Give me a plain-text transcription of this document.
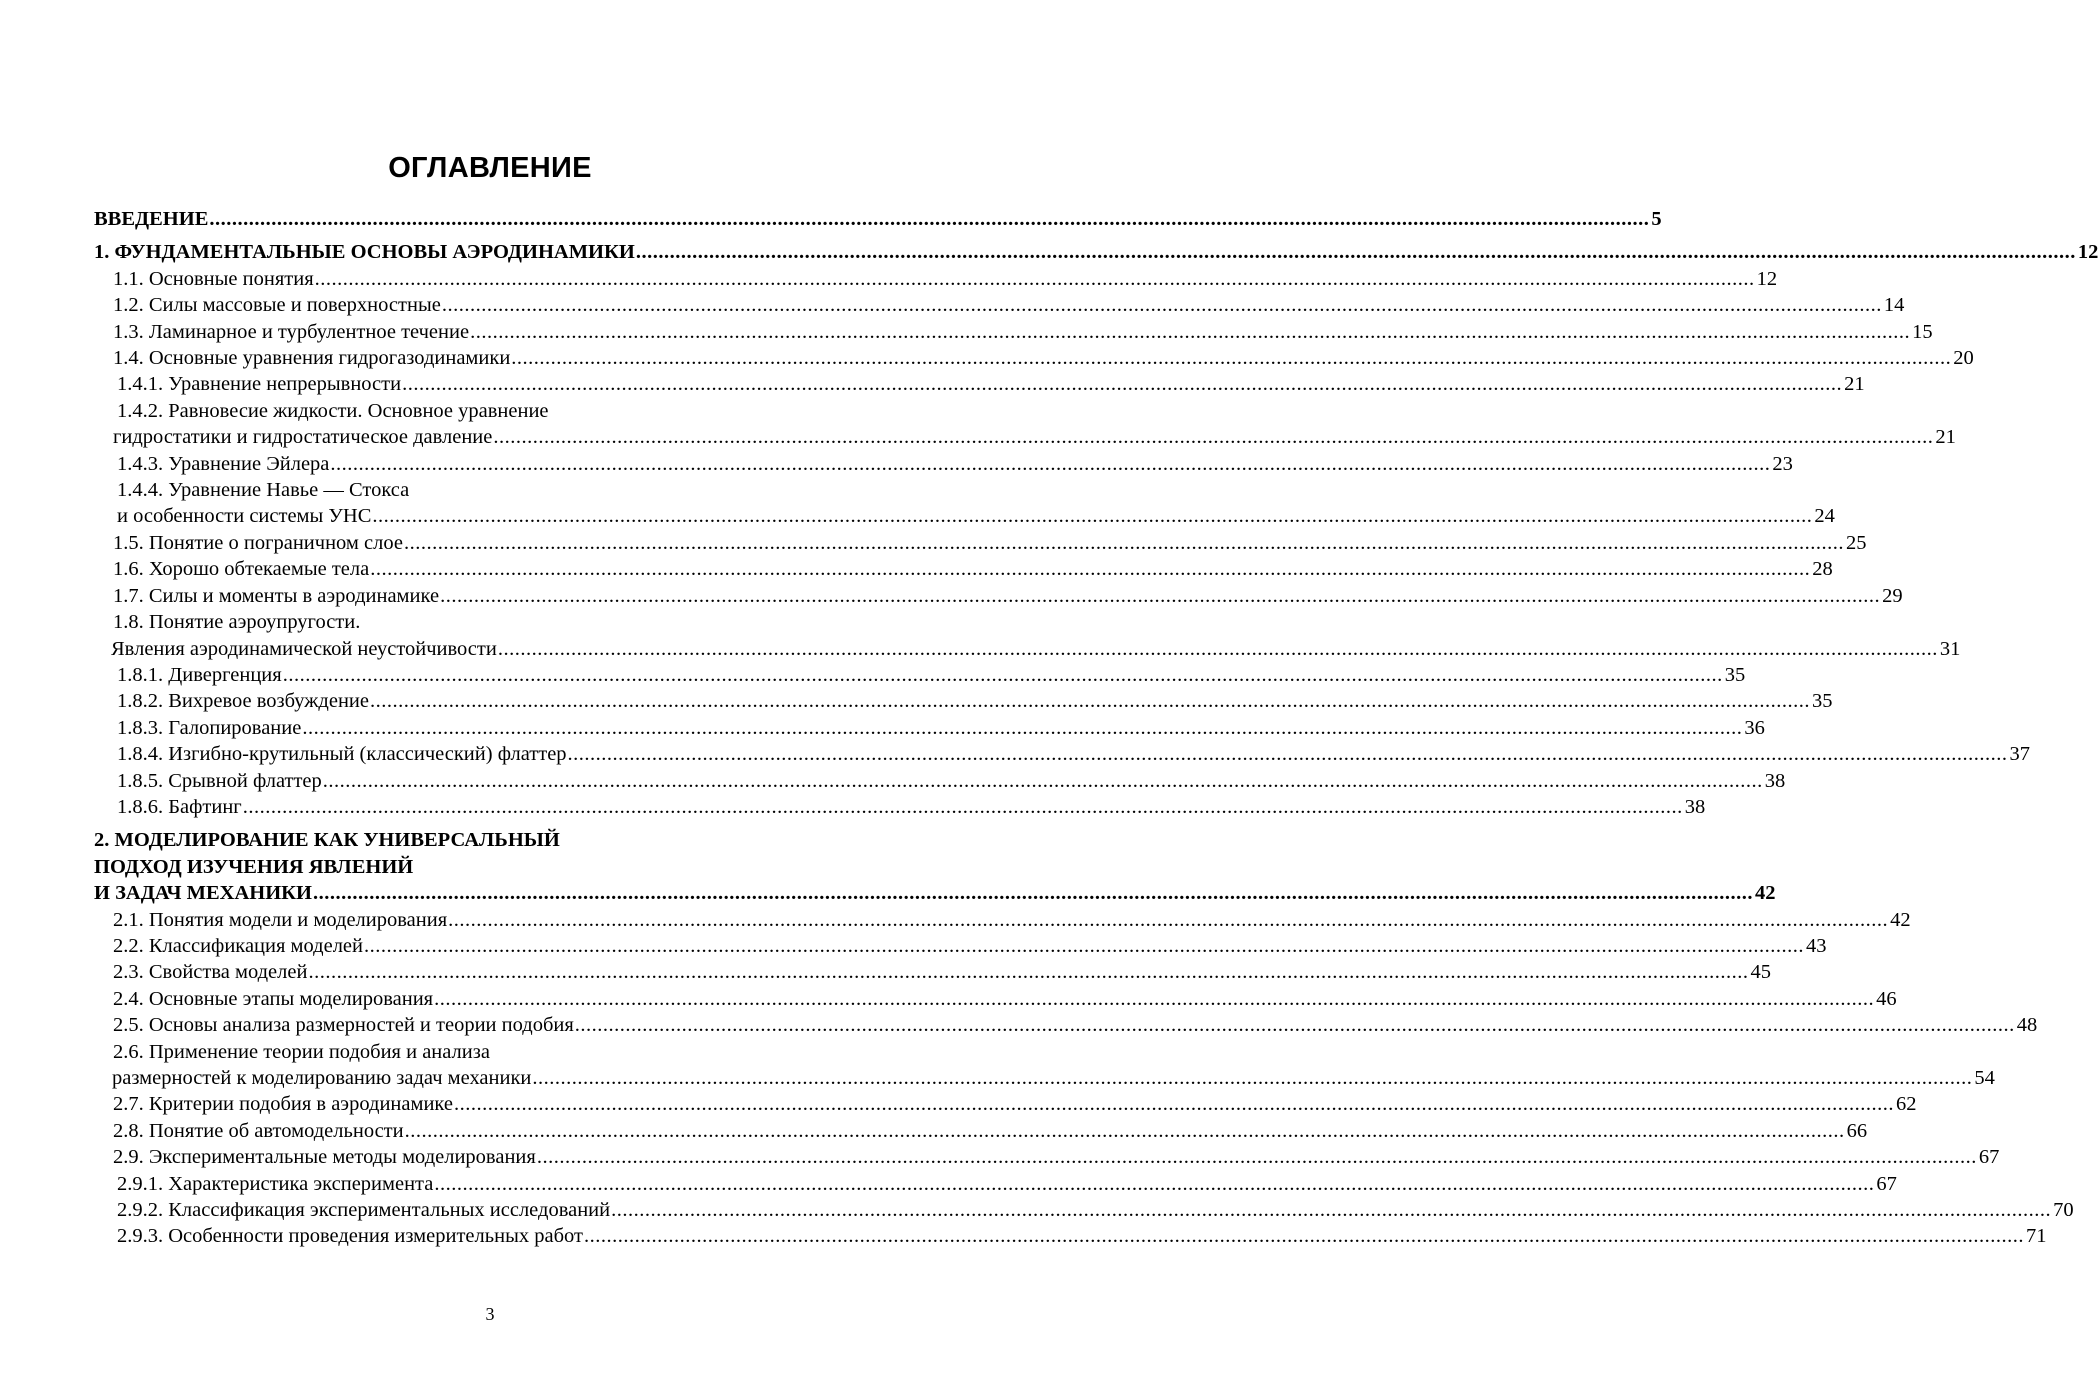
ОГЛАВЛЕНИЕ
ВВЕДЕНИЕ .....	5
1. ФУНДАМЕНТАЛЬНЫЕ ОСНОВЫ АЭРОДИНАМИКИ .....	12
1.1. Основные понятия .....	12
1.2. Силы массовые и поверхностные .....	14
1.3. Ламинарное и турбулентное течение .....	15
1.4. Основные уравнения гидрогазодинамики .....	20
1.4.1. Уравнение непрерывности .....	21
1.4.2. Равновесие жидкости. Основное уравнение
гидростатики и гидростатическое давление .....	21
1.4.3. Уравнение Эйлера .....	23
1.4.4. Уравнение Навье — Стокса
и особенности системы УНС .....	24
1.5. Понятие о пограничном слое .....	25
1.6. Хорошо обтекаемые тела .....	28
1.7. Силы и моменты в аэродинамике .....	29
1.8. Понятие аэроупругости.
Явления аэродинамической неустойчивости .....	31
1.8.1. Дивергенция .....	35
1.8.2. Вихревое возбуждение .....	35
1.8.3. Галопирование .....	36
1.8.4. Изгибно-крутильный (классический) флаттер .....	37
1.8.5. Срывной флаттер .....	38
1.8.6. Бафтинг .....	38
2. МОДЕЛИРОВАНИЕ КАК УНИВЕРСАЛЬНЫЙ
ПОДХОД ИЗУЧЕНИЯ ЯВЛЕНИЙ
И ЗАДАЧ МЕХАНИКИ .....	42
2.1. Понятия модели и моделирования .....	42
2.2. Классификация моделей .....	43
2.3. Свойства моделей .....	45
2.4. Основные этапы моделирования .....	46
2.5. Основы анализа размерностей и теории подобия .....	48
2.6. Применение теории подобия и анализа
размерностей к моделированию задач механики .....	54
2.7. Критерии подобия в аэродинамике .....	62
2.8. Понятие об автомодельности .....	66
2.9. Экспериментальные методы моделирования .....	67
2.9.1. Характеристика эксперимента .....	67
2.9.2. Классификация экспериментальных исследований .....	70
2.9.3. Особенности проведения измерительных работ .....	71
3
